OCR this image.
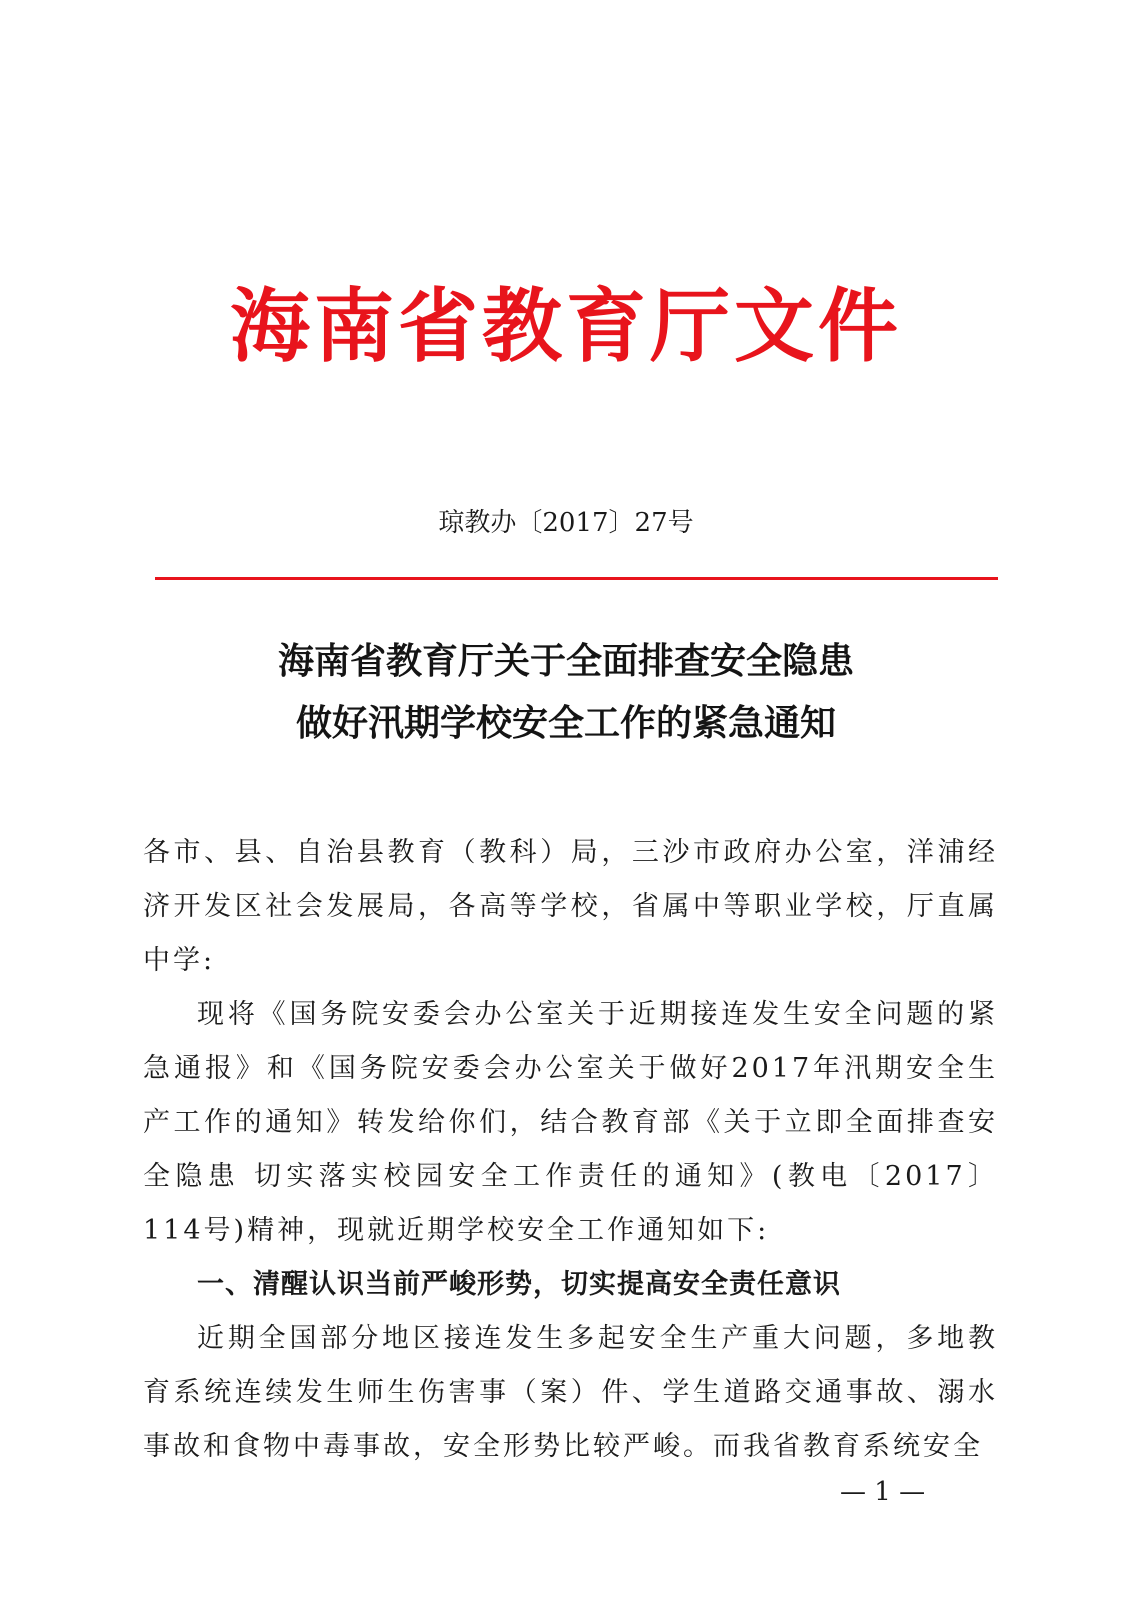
海南省教育厅文件
琼教办〔2017〕27号
海南省教育厅关于全面排查安全隐患
做好汛期学校安全工作的紧急通知

各市、县、自治县教育（教科）局，三沙市政府办公室，洋浦经济开发区社会发展局，各高等学校，省属中等职业学校，厅直属中学:

现将《国务院安委会办公室关于近期接连发生安全问题的紧急通报》和《国务院安委会办公室关于做好2017年汛期安全生产工作的通知》转发给你们，结合教育部《关于立即全面排查安全隐患 切实落实校园安全工作责任的通知》(教电〔2017〕114号)精神，现就近期学校安全工作通知如下:

一、清醒认识当前严峻形势，切实提高安全责任意识

近期全国部分地区接连发生多起安全生产重大问题，多地教育系统连续发生师生伤害事（案）件、学生道路交通事故、溺水事故和食物中毒事故，安全形势比较严峻。而我省教育系统安全

— 1 —
